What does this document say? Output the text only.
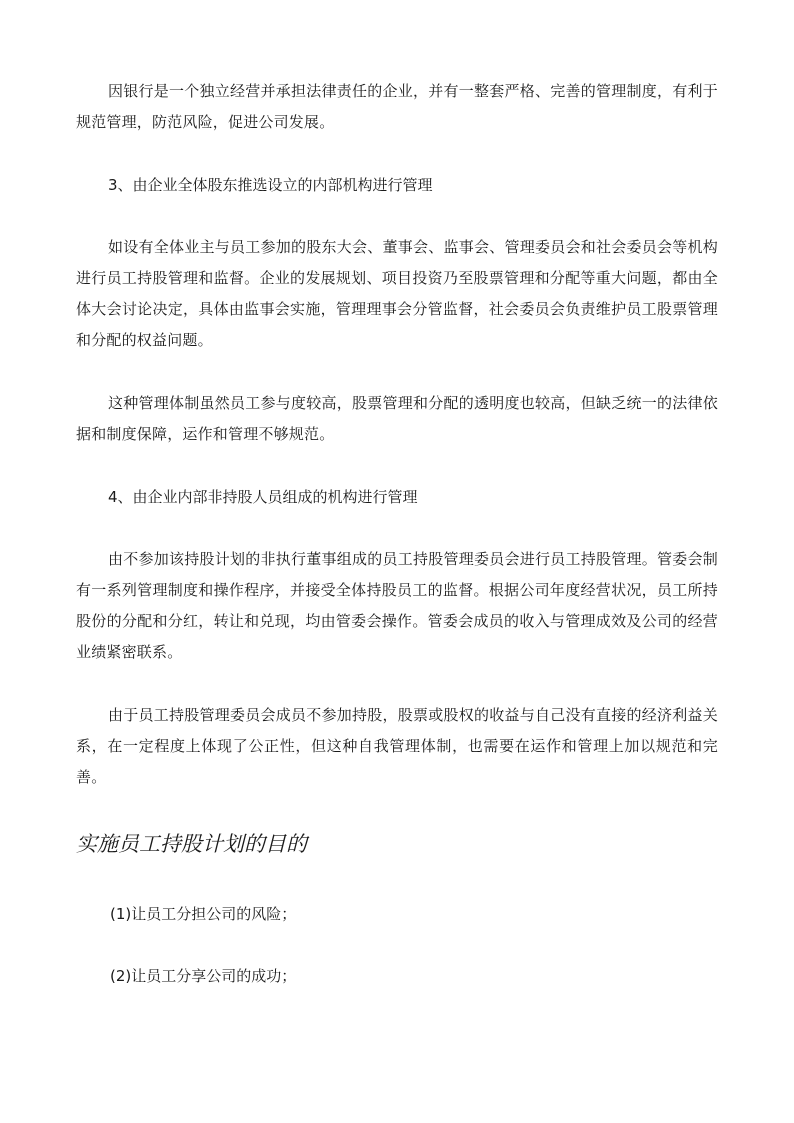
因银行是一个独立经营并承担法律责任的企业，并有一整套严格、完善的管理制度，有利于规范管理，防范风险，促进公司发展。

3、由企业全体股东推选设立的内部机构进行管理

如设有全体业主与员工参加的股东大会、董事会、监事会、管理委员会和社会委员会等机构进行员工持股管理和监督。企业的发展规划、项目投资乃至股票管理和分配等重大问题，都由全体大会讨论决定，具体由监事会实施，管理理事会分管监督，社会委员会负责维护员工股票管理和分配的权益问题。

这种管理体制虽然员工参与度较高，股票管理和分配的透明度也较高，但缺乏统一的法律依据和制度保障，运作和管理不够规范。

4、由企业内部非持股人员组成的机构进行管理

由不参加该持股计划的非执行董事组成的员工持股管理委员会进行员工持股管理。管委会制有一系列管理制度和操作程序，并接受全体持股员工的监督。根据公司年度经营状况，员工所持股份的分配和分红，转让和兑现，均由管委会操作。管委会成员的收入与管理成效及公司的经营业绩紧密联系。

由于员工持股管理委员会成员不参加持股，股票或股权的收益与自己没有直接的经济利益关系，在一定程度上体现了公正性，但这种自我管理体制，也需要在运作和管理上加以规范和完善。

实施员工持股计划的目的

(1)让员工分担公司的风险；

(2)让员工分享公司的成功；
